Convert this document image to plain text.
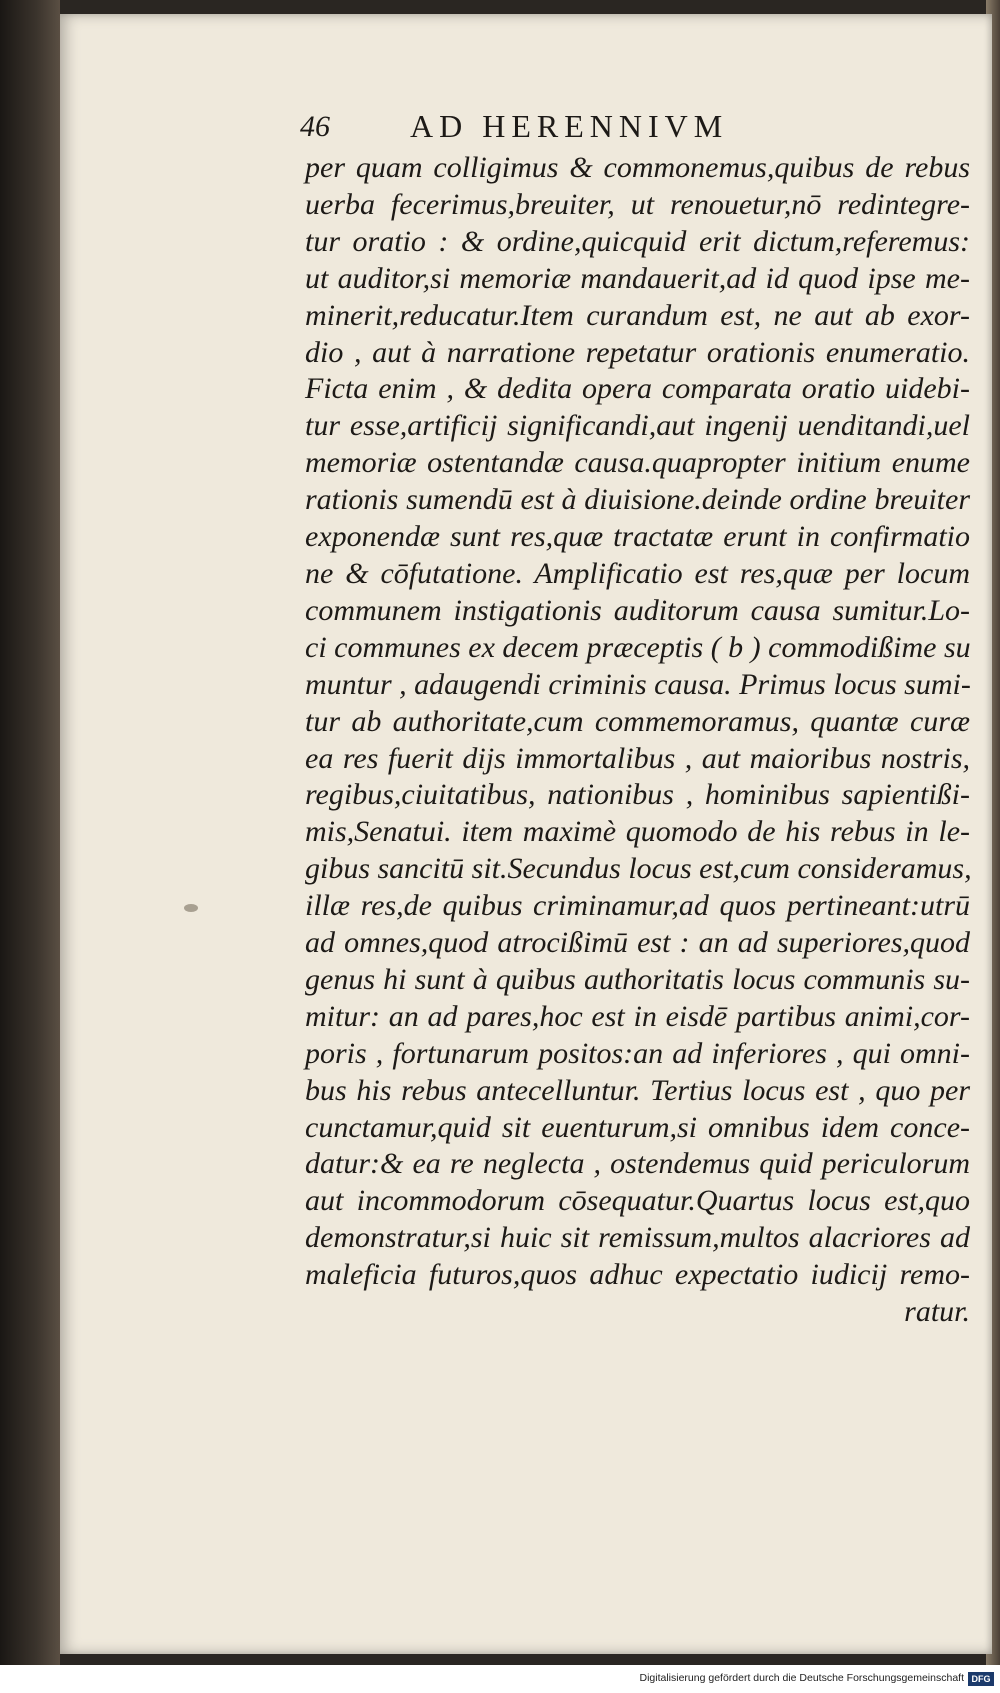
46	AD HERENNIVM
per quam colligimus & commonemus,quibus de rebus
uerba fecerimus,breuiter, ut renouetur,nō redintegre-
tur oratio : & ordine,quicquid erit dictum,referemus:
ut auditor,si memoriæ mandauerit,ad id quod ipse me-
minerit,reducatur.Item curandum est, ne aut ab exor-
dio , aut à narratione repetatur orationis enumeratio.
Ficta enim , & dedita opera comparata oratio uidebi-
tur esse,artificij significandi,aut ingenij uenditandi,uel
memoriæ ostentandæ causa.quapropter initium enume
rationis sumendū est à diuisione.deinde ordine breuiter
exponendæ sunt res,quæ tractatæ erunt in confirmatio
ne & cōfutatione. Amplificatio est res,quæ per locum
communem instigationis auditorum causa sumitur.Lo-
ci communes ex decem præceptis ( b ) commodißime su
muntur , adaugendi criminis causa. Primus locus sumi-
tur ab authoritate,cum commemoramus, quantæ curæ
ea res fuerit dijs immortalibus , aut maioribus nostris,
regibus,ciuitatibus, nationibus , hominibus sapientißi-
mis,Senatui. item maximè quomodo de his rebus in le-
gibus sancitū sit.Secundus locus est,cum consideramus,
illæ res,de quibus criminamur,ad quos pertineant:utrū
ad omnes,quod atrocißimū est : an ad superiores,quod
genus hi sunt à quibus authoritatis locus communis su-
mitur: an ad pares,hoc est in eisdē partibus animi,cor-
poris , fortunarum positos:an ad inferiores , qui omni-
bus his rebus antecelluntur. Tertius locus est , quo per
cunctamur,quid sit euenturum,si omnibus idem conce-
datur:& ea re neglecta , ostendemus quid periculorum
aut incommodorum cōsequatur.Quartus locus est,quo
demonstratur,si huic sit remissum,multos alacriores ad
maleficia futuros,quos adhuc expectatio iudicij remo-
ratur.
Digitalisierung gefördert durch die Deutsche Forschungsgemeinschaft DFG
